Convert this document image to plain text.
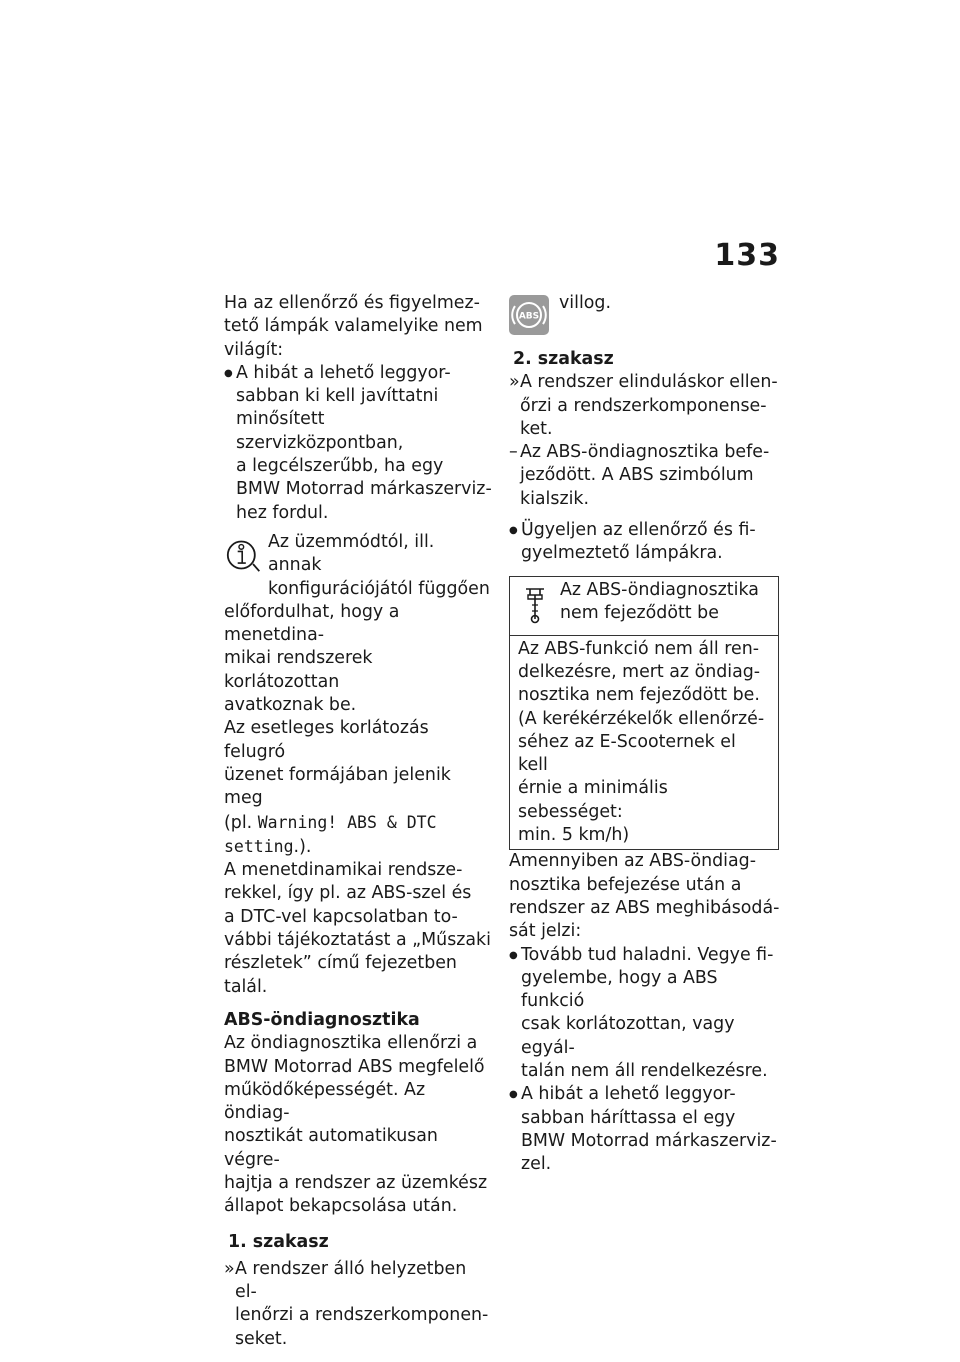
133

Ha az ellenőrző és figyelmez-
tető lámpák valamelyike nem
világít:

● A hibát a lehető leggyor-
sabban ki kell javíttatni
minősített szervizközpontban,
a legcélszerűbb, ha egy
BMW Motorrad márkaszerviz-
hez fordul.

Az üzemmódtól, ill. annak
konfigurációjától függően

előfordulhat, hogy a menetdina-
mikai rendszerek korlátozottan
avatkoznak be.

Az esetleges korlátozás felugró
üzenet formájában jelenik meg
(pl. Warning! ABS & DTC
setting.).

A menetdinamikai rendsze-
rekkel, így pl. az ABS-szel és
a DTC-vel kapcsolatban to-
vábbi tájékoztatást a „Műszaki
részletek” című fejezetben talál.

ABS-öndiagnosztika

Az öndiagnosztika ellenőrzi a
BMW Motorrad ABS megfelelő
működőképességét. Az öndiag-
nosztikát automatikusan végre-
hajtja a rendszer az üzemkész
állapot bekapcsolása után.

1. szakasz

» A rendszer álló helyzetben el-
lenőrzi a rendszerkomponen-
seket.

ABS

villog.

2. szakasz

» A rendszer elinduláskor ellen-
őrzi a rendszerkomponense-
ket.

– Az ABS-öndiagnosztika befe-
jeződött. A ABS szimbólum
kialszik.

● Ügyeljen az ellenőrző és fi-
gyelmeztető lámpákra.

Az ABS-öndiagnosztika
nem fejeződött be

Az ABS-funkció nem áll ren-
delkezésre, mert az öndiag-
nosztika nem fejeződött be.
(A kerékérzékelők ellenőrzé-
séhez az E-Scooternek el kell
érnie a minimális sebességet:
min. 5 km/h)

Amennyiben az ABS-öndiag-
nosztika befejezése után a
rendszer az ABS meghibásodá-
sát jelzi:

● Tovább tud haladni. Vegye fi-
gyelembe, hogy a ABS funkció
csak korlátozottan, vagy egyál-
talán nem áll rendelkezésre.

● A hibát a lehető leggyor-
sabban háríttassa el egy
BMW Motorrad márkaszerviz-
zel.
